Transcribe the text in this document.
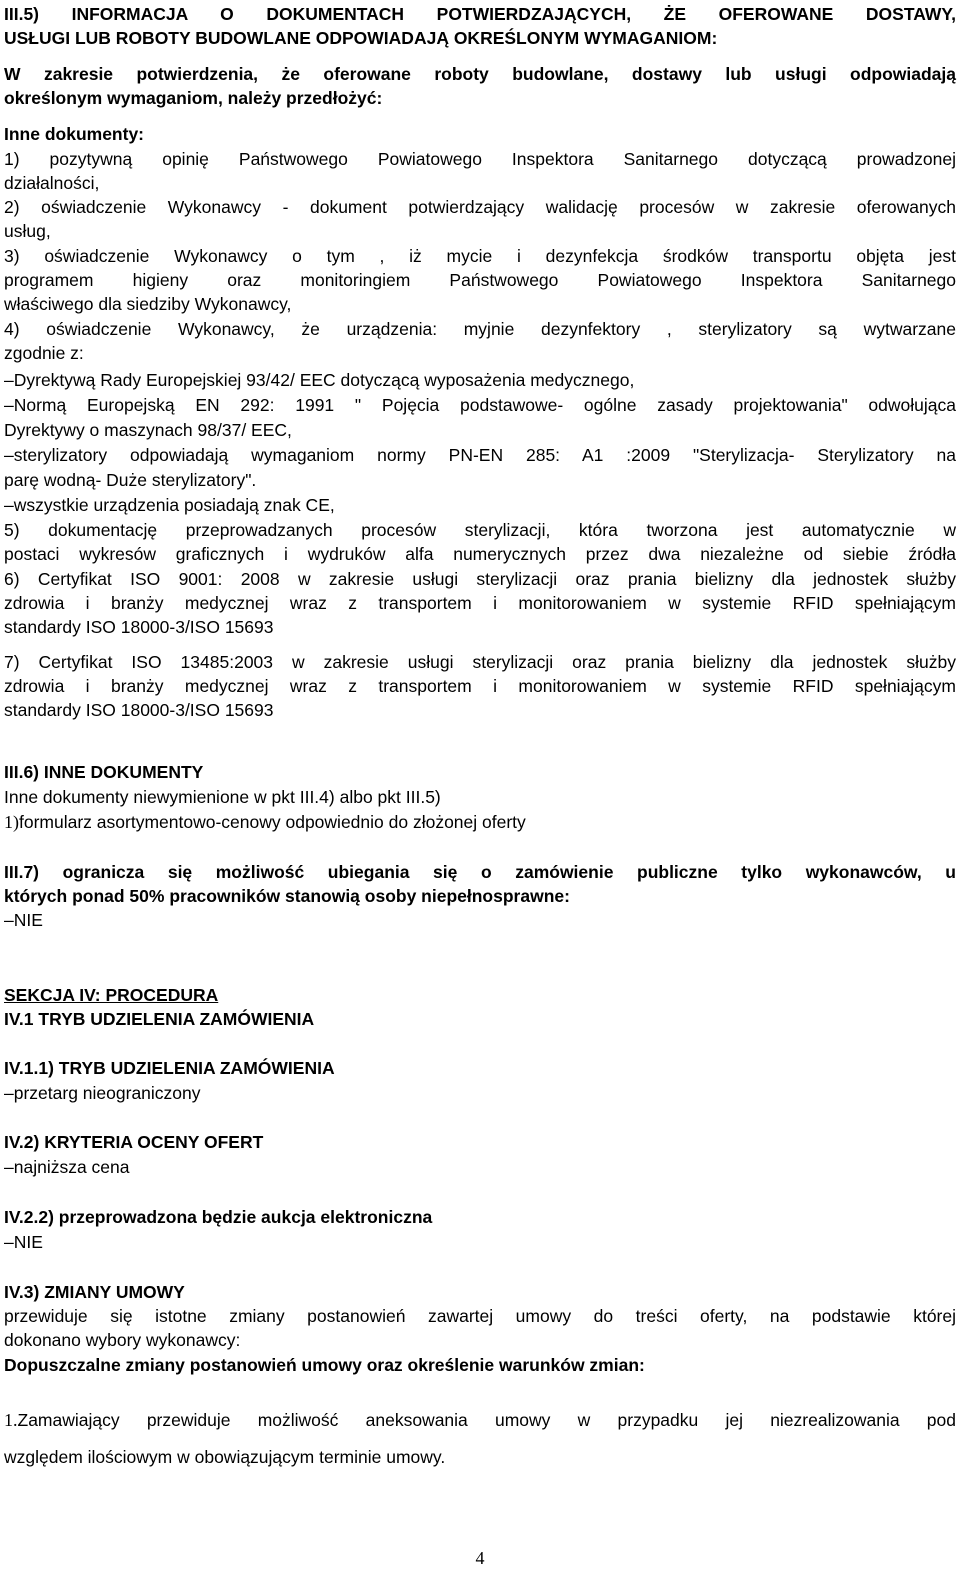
III.5) INFORMACJA O DOKUMENTACH POTWIERDZAJĄCYCH, ŻE OFEROWANE DOSTAWY,

USŁUGI LUB ROBOTY BUDOWLANE ODPOWIADAJĄ OKREŚLONYM WYMAGANIOM:

W zakresie potwierdzenia, że oferowane roboty budowlane, dostawy lub usługi odpowiadają

określonym wymaganiom, należy przedłożyć:

Inne dokumenty:

1) pozytywną opinię Państwowego Powiatowego Inspektora Sanitarnego dotyczącą prowadzonej

działalności,

2) oświadczenie Wykonawcy - dokument potwierdzający walidację procesów w zakresie oferowanych

usług,

3) oświadczenie Wykonawcy o tym , iż mycie i dezynfekcja środków transportu objęta jest

programem higieny oraz monitoringiem Państwowego Powiatowego Inspektora Sanitarnego

właściwego dla siedziby Wykonawcy,

4) oświadczenie Wykonawcy, że urządzenia: myjnie dezynfektory , sterylizatory są wytwarzane

zgodnie z:

–Dyrektywą Rady Europejskiej 93/42/ EEC dotyczącą wyposażenia medycznego,

–Normą Europejską EN 292: 1991 " Pojęcia podstawowe- ogólne zasady projektowania" odwołująca

Dyrektywy o maszynach 98/37/ EEC,

–sterylizatory odpowiadają wymaganiom normy PN-EN 285: A1 :2009 "Sterylizacja- Sterylizatory na

parę wodną- Duże sterylizatory".

–wszystkie urządzenia posiadają znak CE,

5) dokumentację przeprowadzanych procesów sterylizacji, która tworzona jest automatycznie w

postaci wykresów graficznych i wydruków alfa numerycznych przez dwa niezależne od siebie źródła

6) Certyfikat ISO 9001: 2008 w zakresie usługi sterylizacji oraz prania bielizny dla jednostek służby

zdrowia i branży medycznej wraz z transportem i monitorowaniem w systemie RFID spełniającym

standardy ISO 18000-3/ISO 15693

7) Certyfikat ISO 13485:2003 w zakresie usługi sterylizacji oraz prania bielizny dla jednostek służby

zdrowia i branży medycznej wraz z transportem i monitorowaniem w systemie RFID spełniającym

standardy ISO 18000-3/ISO 15693

III.6) INNE DOKUMENTY

Inne dokumenty niewymienione w pkt III.4) albo pkt III.5)

1)formularz asortymentowo-cenowy odpowiednio do złożonej oferty

III.7) ogranicza się możliwość ubiegania się o zamówienie publiczne tylko wykonawców, u

których ponad 50% pracowników stanowią osoby niepełnosprawne:

–NIE

SEKCJA IV: PROCEDURA

IV.1 TRYB UDZIELENIA ZAMÓWIENIA

IV.1.1) TRYB UDZIELENIA ZAMÓWIENIA

–przetarg nieograniczony

IV.2) KRYTERIA OCENY OFERT

–najniższa cena

IV.2.2) przeprowadzona będzie aukcja elektroniczna

–NIE

IV.3) ZMIANY UMOWY

przewiduje się istotne zmiany postanowień zawartej umowy do treści oferty, na podstawie której

dokonano wybory wykonawcy:

Dopuszczalne zmiany postanowień umowy oraz określenie warunków zmian:

1.Zamawiający przewiduje możliwość aneksowania umowy w przypadku jej niezrealizowania pod

względem ilościowym w obowiązującym terminie umowy.

4
